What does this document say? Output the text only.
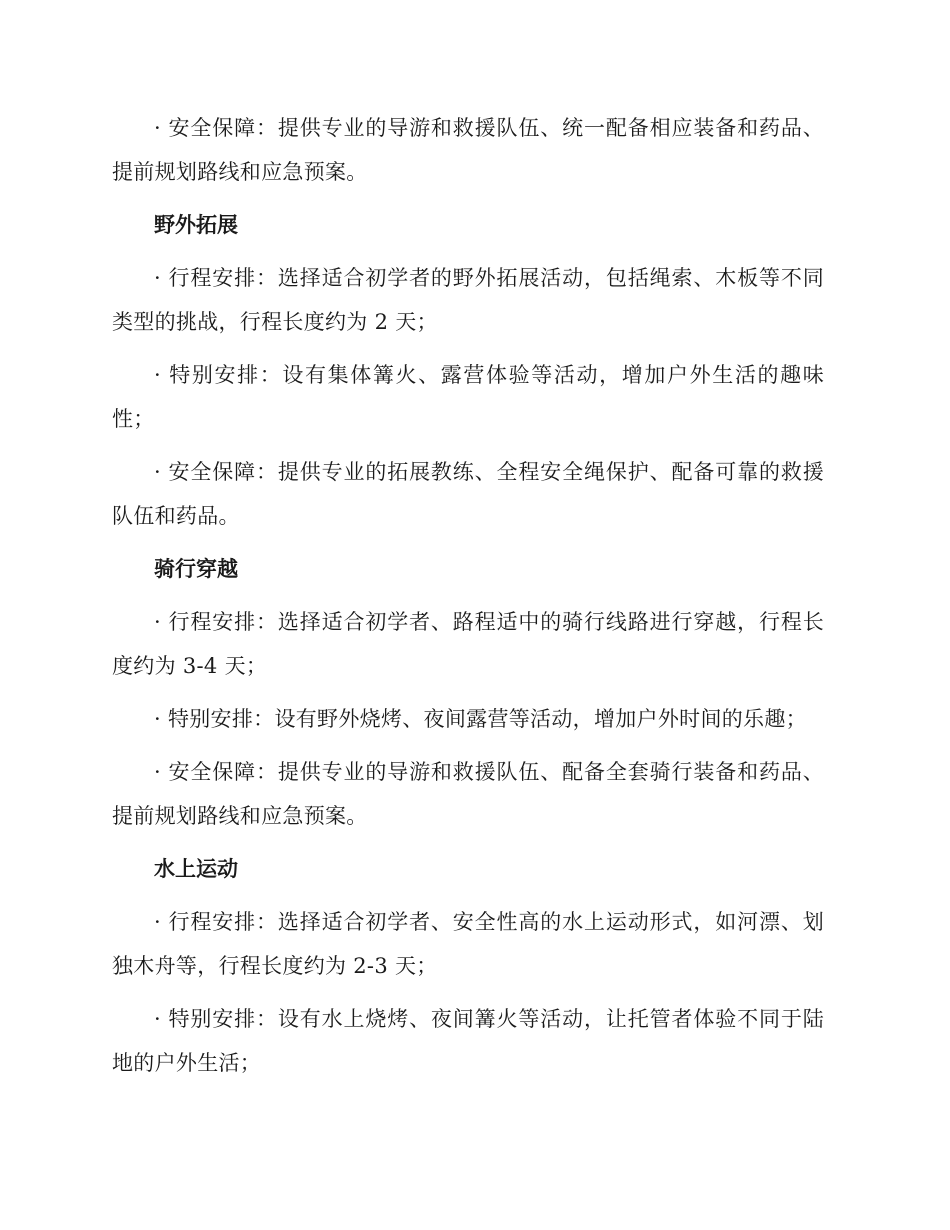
· 安全保障：提供专业的导游和救援队伍、统一配备相应装备和药品、提前规划路线和应急预案。

野外拓展

· 行程安排：选择适合初学者的野外拓展活动，包括绳索、木板等不同类型的挑战，行程长度约为 2 天；

· 特别安排：设有集体篝火、露营体验等活动，增加户外生活的趣味性；

· 安全保障：提供专业的拓展教练、全程安全绳保护、配备可靠的救援队伍和药品。

骑行穿越

· 行程安排：选择适合初学者、路程适中的骑行线路进行穿越，行程长度约为 3-4 天；

· 特别安排：设有野外烧烤、夜间露营等活动，增加户外时间的乐趣；

· 安全保障：提供专业的导游和救援队伍、配备全套骑行装备和药品、提前规划路线和应急预案。

水上运动

· 行程安排：选择适合初学者、安全性高的水上运动形式，如河漂、划独木舟等，行程长度约为 2-3 天；

· 特别安排：设有水上烧烤、夜间篝火等活动，让托管者体验不同于陆地的户外生活；
